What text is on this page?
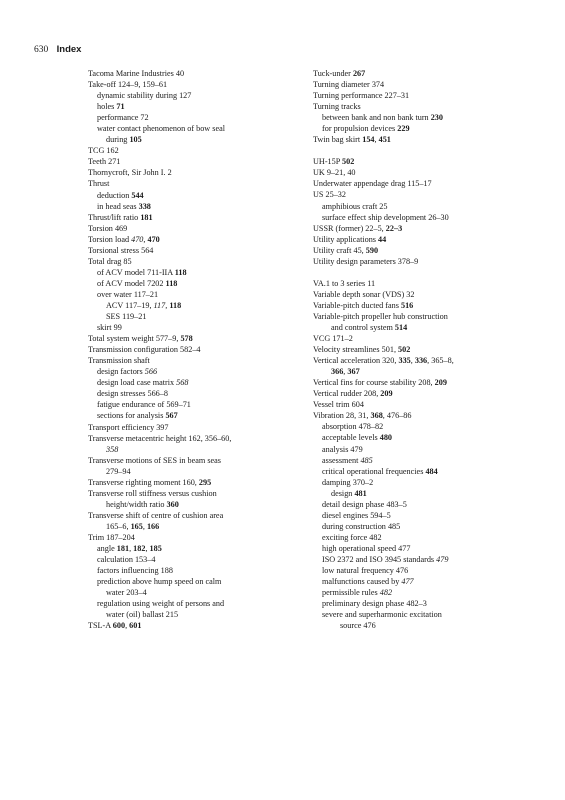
630 Index
Tacoma Marine Industries 40
Take-off 124–9, 159–61
dynamic stability during 127
holes 71
performance 72
water contact phenomenon of bow seal
during 105
TCG 162
Teeth 271
Thornycroft, Sir John I. 2
Thrust
deduction 544
in head seas 338
Thrust/lift ratio 181
Torsion 469
Torsion load 470, 470
Torsional stress 564
Total drag 85
of ACV model 711-IIA 118
of ACV model 7202 118
over water 117–21
ACV 117–19, 117, 118
SES 119–21
skirt 99
Total system weight 577–9, 578
Transmission configuration 582–4
Transmission shaft
design factors 566
design load case matrix 568
design stresses 566–8
fatigue endurance of 569–71
sections for analysis 567
Transport efficiency 397
Transverse metacentric height 162, 356–60,
358
Transverse motions of SES in beam seas
279–94
Transverse righting moment 160, 295
Transverse roll stiffness versus cushion
height/width ratio 360
Transverse shift of centre of cushion area
165–6, 165, 166
Trim 187–204
angle 181, 182, 185
calculation 153–4
factors influencing 188
prediction above hump speed on calm
water 203–4
regulation using weight of persons and
water (oil) ballast 215
TSL-A 600, 601
Tuck-under 267
Turning diameter 374
Turning performance 227–31
Turning tracks
between bank and non bank turn 230
for propulsion devices 229
Twin bag skirt 154, 451
UH-15P 502
UK 9–21, 40
Underwater appendage drag 115–17
US 25–32
amphibious craft 25
surface effect ship development 26–30
USSR (former) 22–5, 22–3
Utility applications 44
Utility craft 45, 590
Utility design parameters 378–9
VA.1 to 3 series 11
Variable depth sonar (VDS) 32
Variable-pitch ducted fans 516
Variable-pitch propeller hub construction
and control system 514
VCG 171–2
Velocity streamlines 501, 502
Vertical acceleration 320, 335, 336, 365–8,
366, 367
Vertical fins for course stability 208, 209
Vertical rudder 208, 209
Vessel trim 604
Vibration 28, 31, 368, 476–86
absorption 478–82
acceptable levels 480
analysis 479
assessment 485
critical operational frequencies 484
damping 370–2
design 481
detail design phase 483–5
diesel engines 594–5
during construction 485
exciting force 482
high operational speed 477
ISO 2372 and ISO 3945 standards 479
low natural frequency 476
malfunctions caused by 477
permissible rules 482
preliminary design phase 482–3
severe and superharmonic excitation
source 476
